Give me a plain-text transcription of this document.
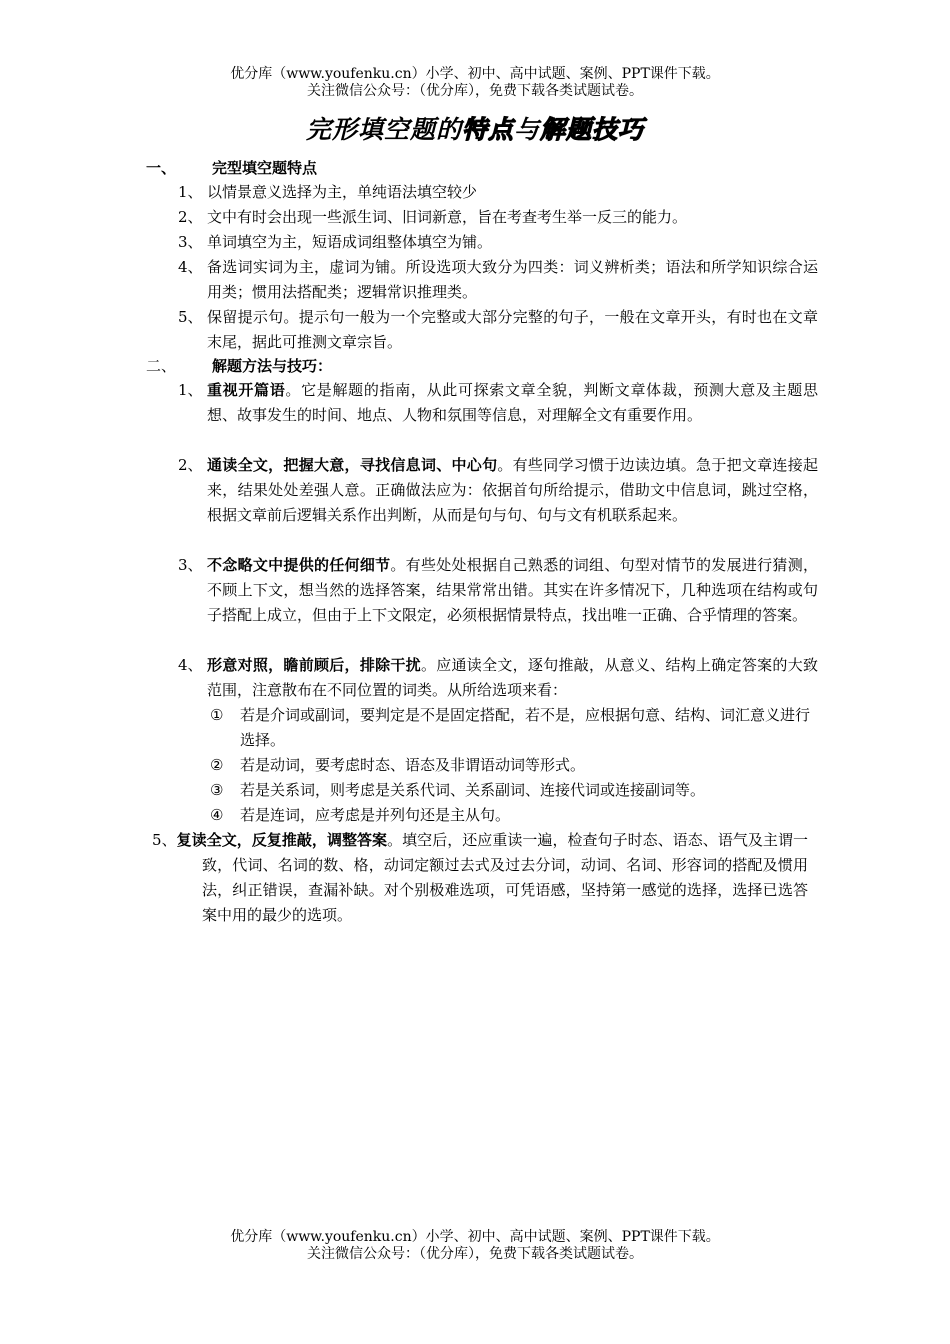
优分库（www.youfenku.cn）小学、初中、高中试题、案例、PPT课件下载。
关注微信公众号：（优分库），免费下载各类试题试卷。
完形填空题的特点与解题技巧
一、 完型填空题特点
1、 以情景意义选择为主，单纯语法填空较少
2、 文中有时会出现一些派生词、旧词新意，旨在考查考生举一反三的能力。
3、 单词填空为主，短语成词组整体填空为铺。
4、 备选词实词为主，虚词为铺。所设选项大致分为四类：词义辨析类；语法和所学知识综合运用类；惯用法搭配类；逻辑常识推理类。
5、 保留提示句。提示句一般为一个完整或大部分完整的句子，一般在文章开头，有时也在文章末尾，据此可推测文章宗旨。
二、 解题方法与技巧：
1、 重视开篇语。它是解题的指南，从此可探索文章全貌，判断文章体裁，预测大意及主题思想、故事发生的时间、地点、人物和氛围等信息，对理解全文有重要作用。
2、 通读全文，把握大意，寻找信息词、中心句。有些同学习惯于边读边填。急于把文章连接起来，结果处处差强人意。正确做法应为：依据首句所给提示，借助文中信息词，跳过空格，根据文章前后逻辑关系作出判断，从而是句与句、句与文有机联系起来。
3、 不念略文中提供的任何细节。有些处处根据自己熟悉的词组、句型对情节的发展进行猜测，不顾上下文，想当然的选择答案，结果常常出错。其实在许多情况下，几种选项在结构或句子搭配上成立，但由于上下文限定，必须根据情景特点，找出唯一正确、合乎情理的答案。
4、 形意对照，瞻前顾后，排除干扰。应通读全文，逐句推敲，从意义、结构上确定答案的大致范围，注意散布在不同位置的词类。从所给选项来看：
①	若是介词或副词，要判定是不是固定搭配，若不是，应根据句意、结构、词汇意义进行选择。
②	若是动词，要考虑时态、语态及非谓语动词等形式。
③	若是关系词，则考虑是关系代词、关系副词、连接代词或连接副词等。
④	若是连词，应考虑是并列句还是主从句。
5、复读全文，反复推敲，调整答案。填空后，还应重读一遍，检查句子时态、语态、语气及主谓一致，代词、名词的数、格，动词定额过去式及过去分词，动词、名词、形容词的搭配及惯用法，纠正错误，查漏补缺。对个别极难选项，可凭语感，坚持第一感觉的选择，选择已选答案中用的最少的选项。
优分库（www.youfenku.cn）小学、初中、高中试题、案例、PPT课件下载。
关注微信公众号：（优分库），免费下载各类试题试卷。
